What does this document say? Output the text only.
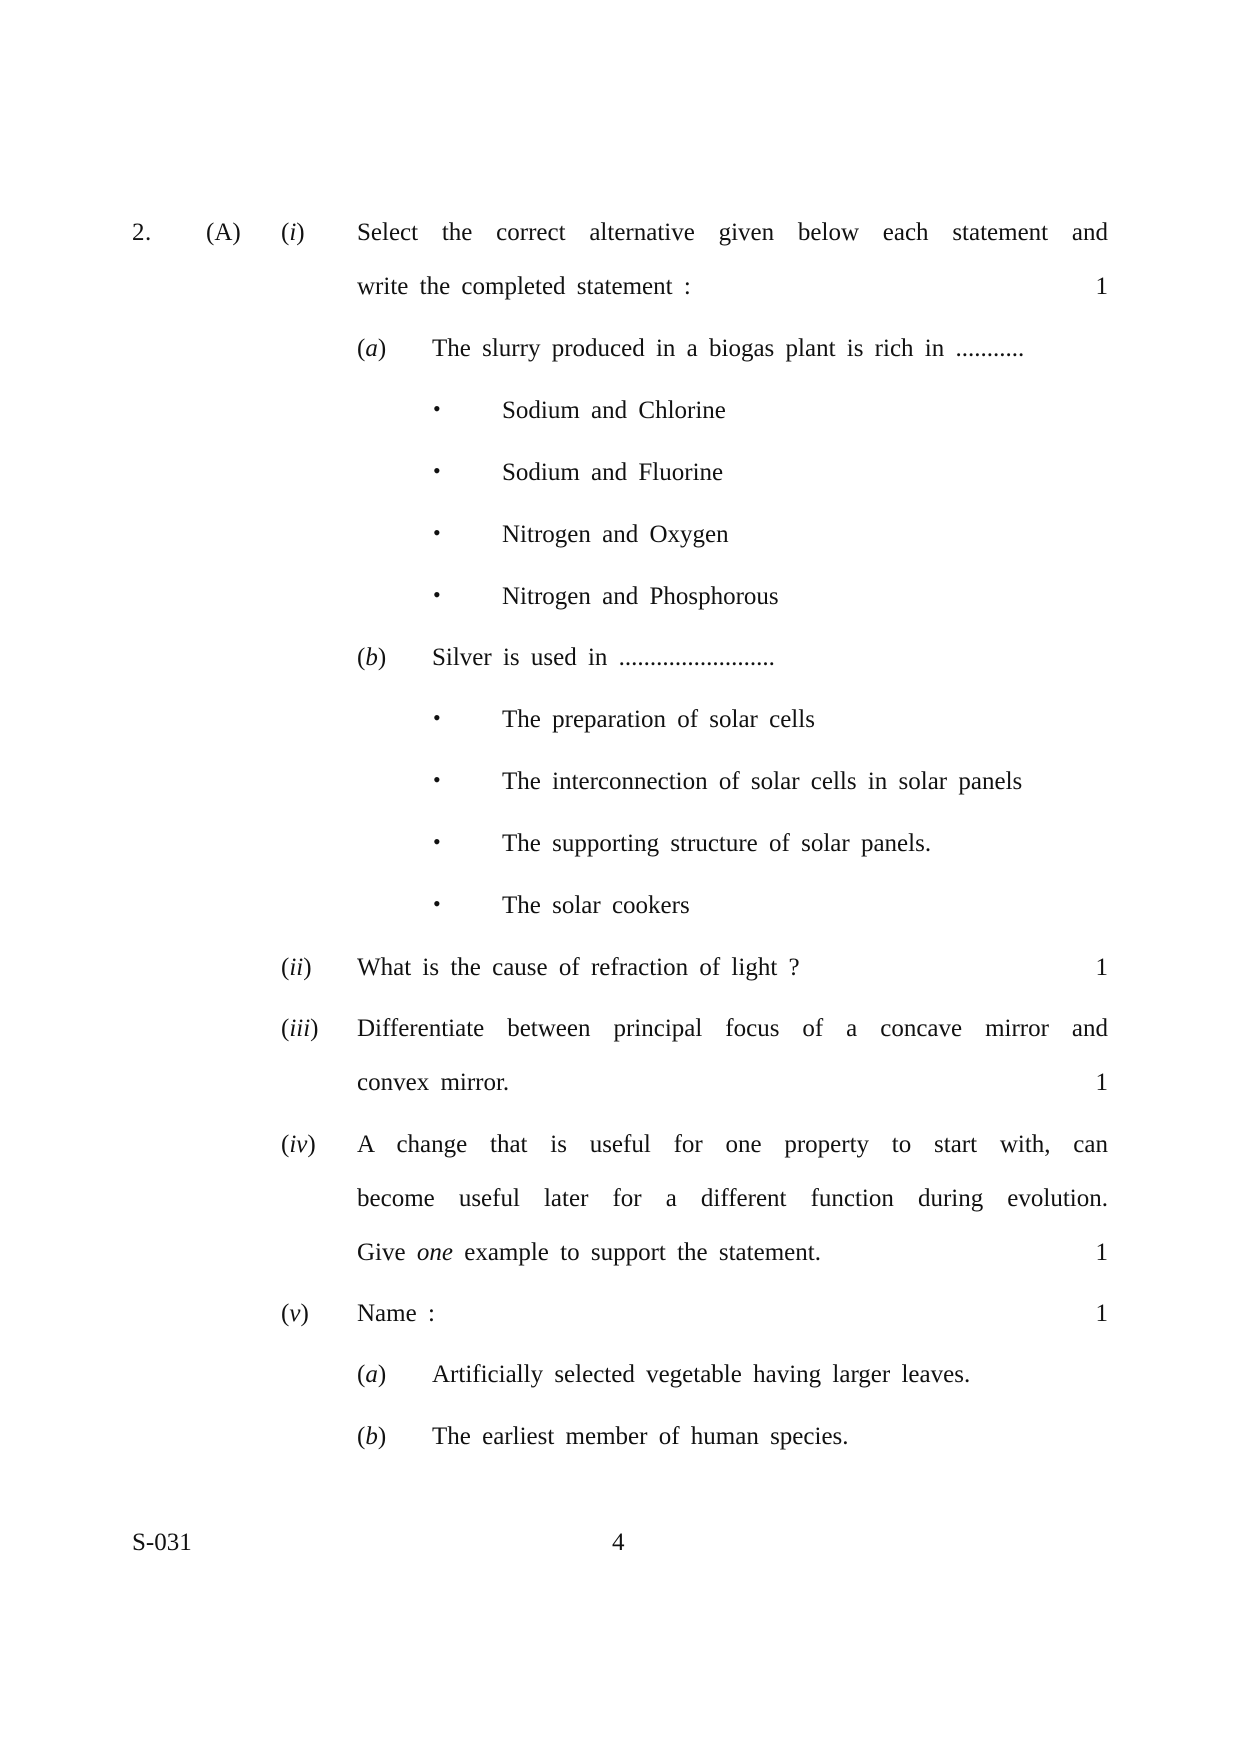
2. (A) (i) Select the correct alternative given below each statement and
write the completed statement :	1
(a) The slurry produced in a biogas plant is rich in ...........
• Sodium and Chlorine
• Sodium and Fluorine
• Nitrogen and Oxygen
• Nitrogen and Phosphorous
(b) Silver is used in .........................
• The preparation of solar cells
• The interconnection of solar cells in solar panels
• The supporting structure of solar panels.
• The solar cookers
(ii) What is the cause of refraction of light ?	1
(iii) Differentiate between principal focus of a concave mirror and
convex mirror.	1
(iv) A change that is useful for one property to start with, can
become useful later for a different function during evolution.
Give one example to support the statement.	1
(v) Name :	1
(a) Artificially selected vegetable having larger leaves.
(b) The earliest member of human species.
S-031	4
